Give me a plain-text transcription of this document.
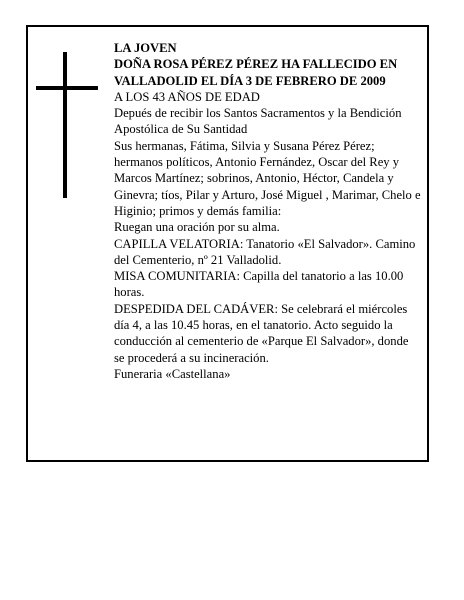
LA JOVEN

DOÑA ROSA PÉREZ PÉREZ HA FALLECIDO EN VALLADOLID EL DÍA 3 DE FEBRERO DE 2009

A LOS 43 AÑOS DE EDAD

Depués de recibir los Santos Sacramentos y la Bendición Apostólica de Su Santidad

Sus hermanas, Fátima, Silvia y Susana Pérez Pérez; hermanos políticos, Antonio Fernández, Oscar del Rey y Marcos Martínez; sobrinos, Antonio, Héctor, Candela y Ginevra; tíos, Pilar y Arturo, José Miguel , Marimar, Chelo e Higinio; primos y demás familia:

Ruegan una oración por su alma.

CAPILLA VELATORIA: Tanatorio «El Salvador». Camino del Cementerio, nº 21 Valladolid.

MISA COMUNITARIA: Capilla del tanatorio a las 10.00 horas.

DESPEDIDA DEL CADÁVER: Se celebrará el miércoles día 4, a las 10.45 horas, en el tanatorio. Acto seguido la conducción al cementerio de «Parque El Salvador», donde se procederá a su incineración.

Funeraria «Castellana»
